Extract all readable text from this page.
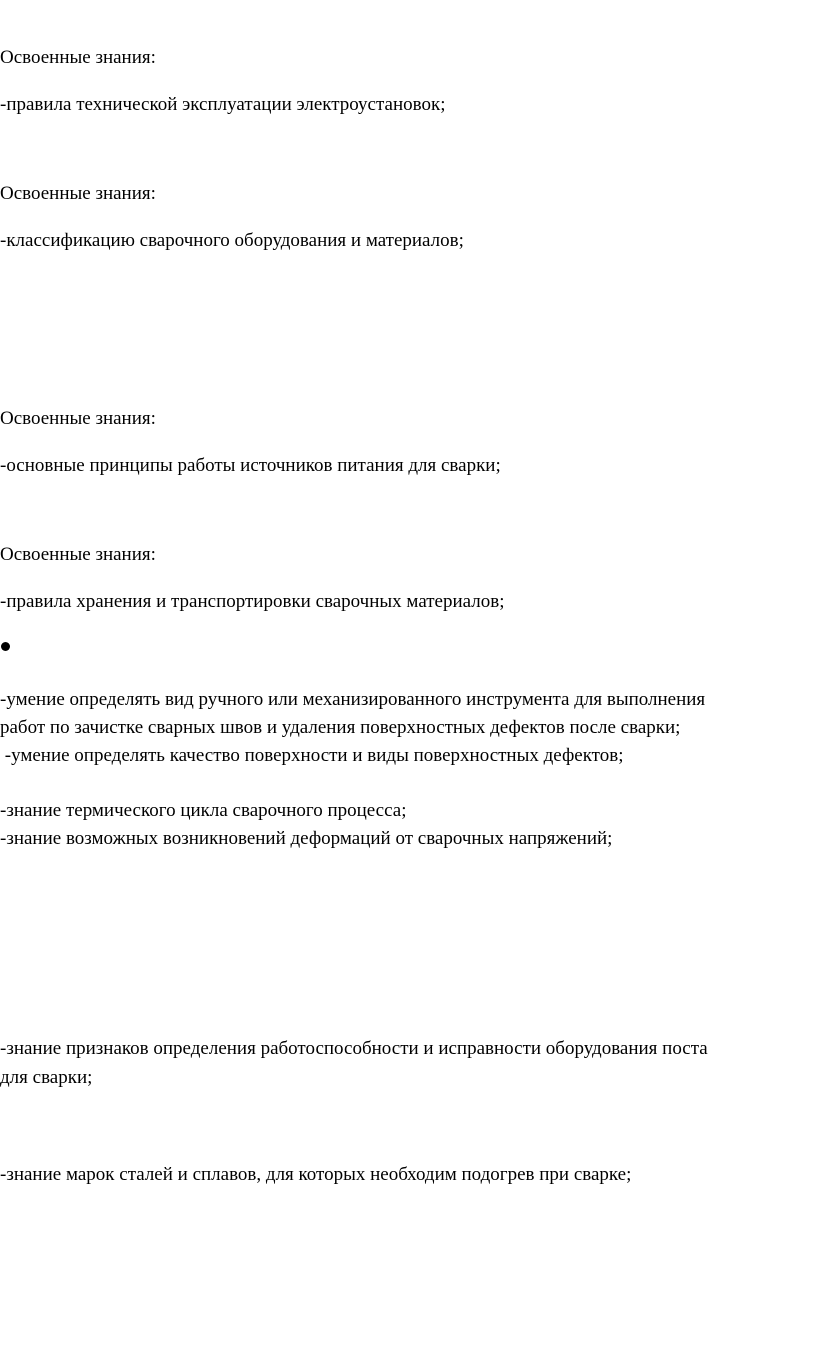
Освоенные знания:
-правила технической эксплуатации электроустановок;
Освоенные знания:
-классификацию сварочного оборудования и материалов;
Освоенные знания:
-основные принципы работы источников питания для сварки;
Освоенные знания:
-правила хранения и транспортировки сварочных материалов;
-умение определять вид ручного или механизированного инструмента для выполнения
работ по зачистке сварных швов и удаления поверхностных дефектов после сварки;
-умение определять качество поверхности и виды поверхностных дефектов;
-знание термического цикла сварочного процесса;
-знание возможных возникновений деформаций от сварочных напряжений;
-знание признаков определения работоспособности и исправности оборудования поста
для сварки;
-знание марок сталей и сплавов, для которых необходим подогрев при сварке;
